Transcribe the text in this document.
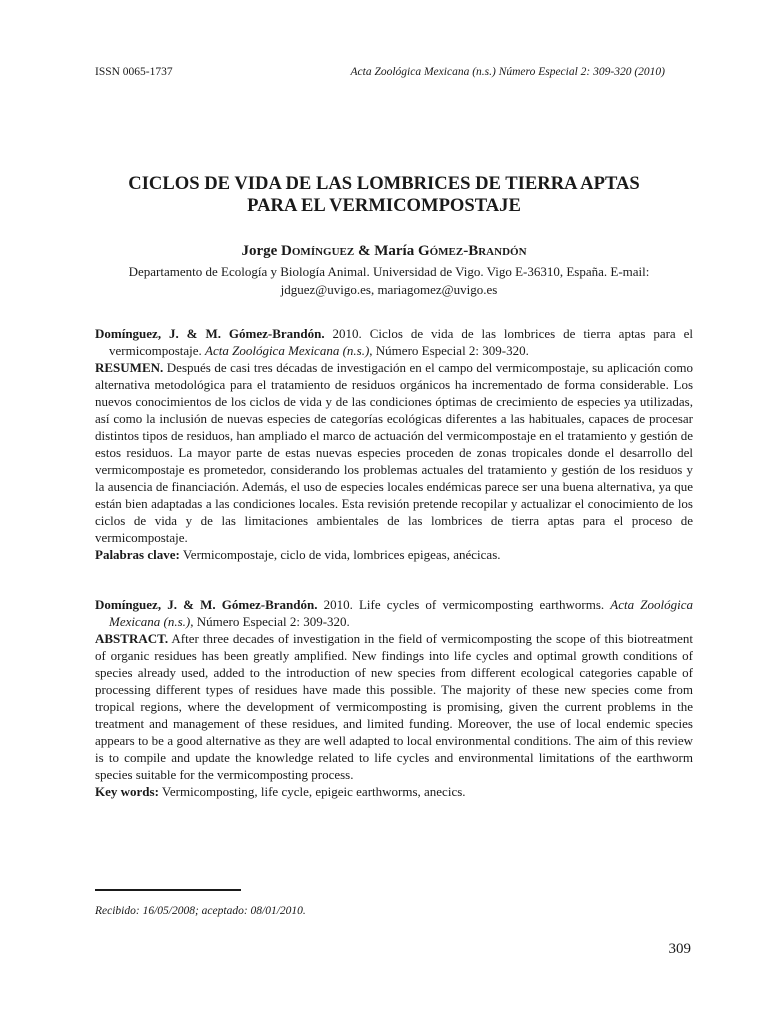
ISSN 0065-1737	Acta Zoológica Mexicana (n.s.) Número Especial 2: 309-320 (2010)
CICLOS DE VIDA DE LAS LOMBRICES DE TIERRA APTAS
PARA EL VERMICOMPOSTAJE
Jorge Domínguez & María Gómez-Brandón
Departamento de Ecología y Biología Animal. Universidad de Vigo. Vigo E-36310, España. E-mail:
jdguez@uvigo.es, mariagomez@uvigo.es
Domínguez, J. & M. Gómez-Brandón. 2010. Ciclos de vida de las lombrices de tierra aptas para el vermicompostaje. Acta Zoológica Mexicana (n.s.), Número Especial 2: 309-320.
RESUMEN. Después de casi tres décadas de investigación en el campo del vermicompostaje, su aplicación como alternativa metodológica para el tratamiento de residuos orgánicos ha incrementado de forma considerable. Los nuevos conocimientos de los ciclos de vida y de las condiciones óptimas de crecimiento de especies ya utilizadas, así como la inclusión de nuevas especies de categorías ecológicas diferentes a las habituales, capaces de procesar distintos tipos de residuos, han ampliado el marco de actuación del vermicompostaje en el tratamiento y gestión de estos residuos. La mayor parte de estas nuevas especies proceden de zonas tropicales donde el desarrollo del vermicompostaje es prometedor, considerando los problemas actuales del tratamiento y gestión de los residuos y la ausencia de financiación. Además, el uso de especies locales endémicas parece ser una buena alternativa, ya que están bien adaptadas a las condiciones locales. Esta revisión pretende recopilar y actualizar el conocimiento de los ciclos de vida y de las limitaciones ambientales de las lombrices de tierra aptas para el proceso de vermicompostaje.
Palabras clave: Vermicompostaje, ciclo de vida, lombrices epigeas, anécicas.
Domínguez, J. & M. Gómez-Brandón. 2010. Life cycles of vermicomposting earthworms. Acta Zoológica Mexicana (n.s.), Número Especial 2: 309-320.
ABSTRACT. After three decades of investigation in the field of vermicomposting the scope of this biotreatment of organic residues has been greatly amplified. New findings into life cycles and optimal growth conditions of species already used, added to the introduction of new species from different ecological categories capable of processing different types of residues have made this possible. The majority of these new species come from tropical regions, where the development of vermicomposting is promising, given the current problems in the treatment and management of these residues, and limited funding. Moreover, the use of local endemic species appears to be a good alternative as they are well adapted to local environmental conditions. The aim of this review is to compile and update the knowledge related to life cycles and environmental limitations of the earthworm species suitable for the vermicomposting process.
Key words: Vermicomposting, life cycle, epigeic earthworms, anecics.
Recibido: 16/05/2008; aceptado: 08/01/2010.
309
